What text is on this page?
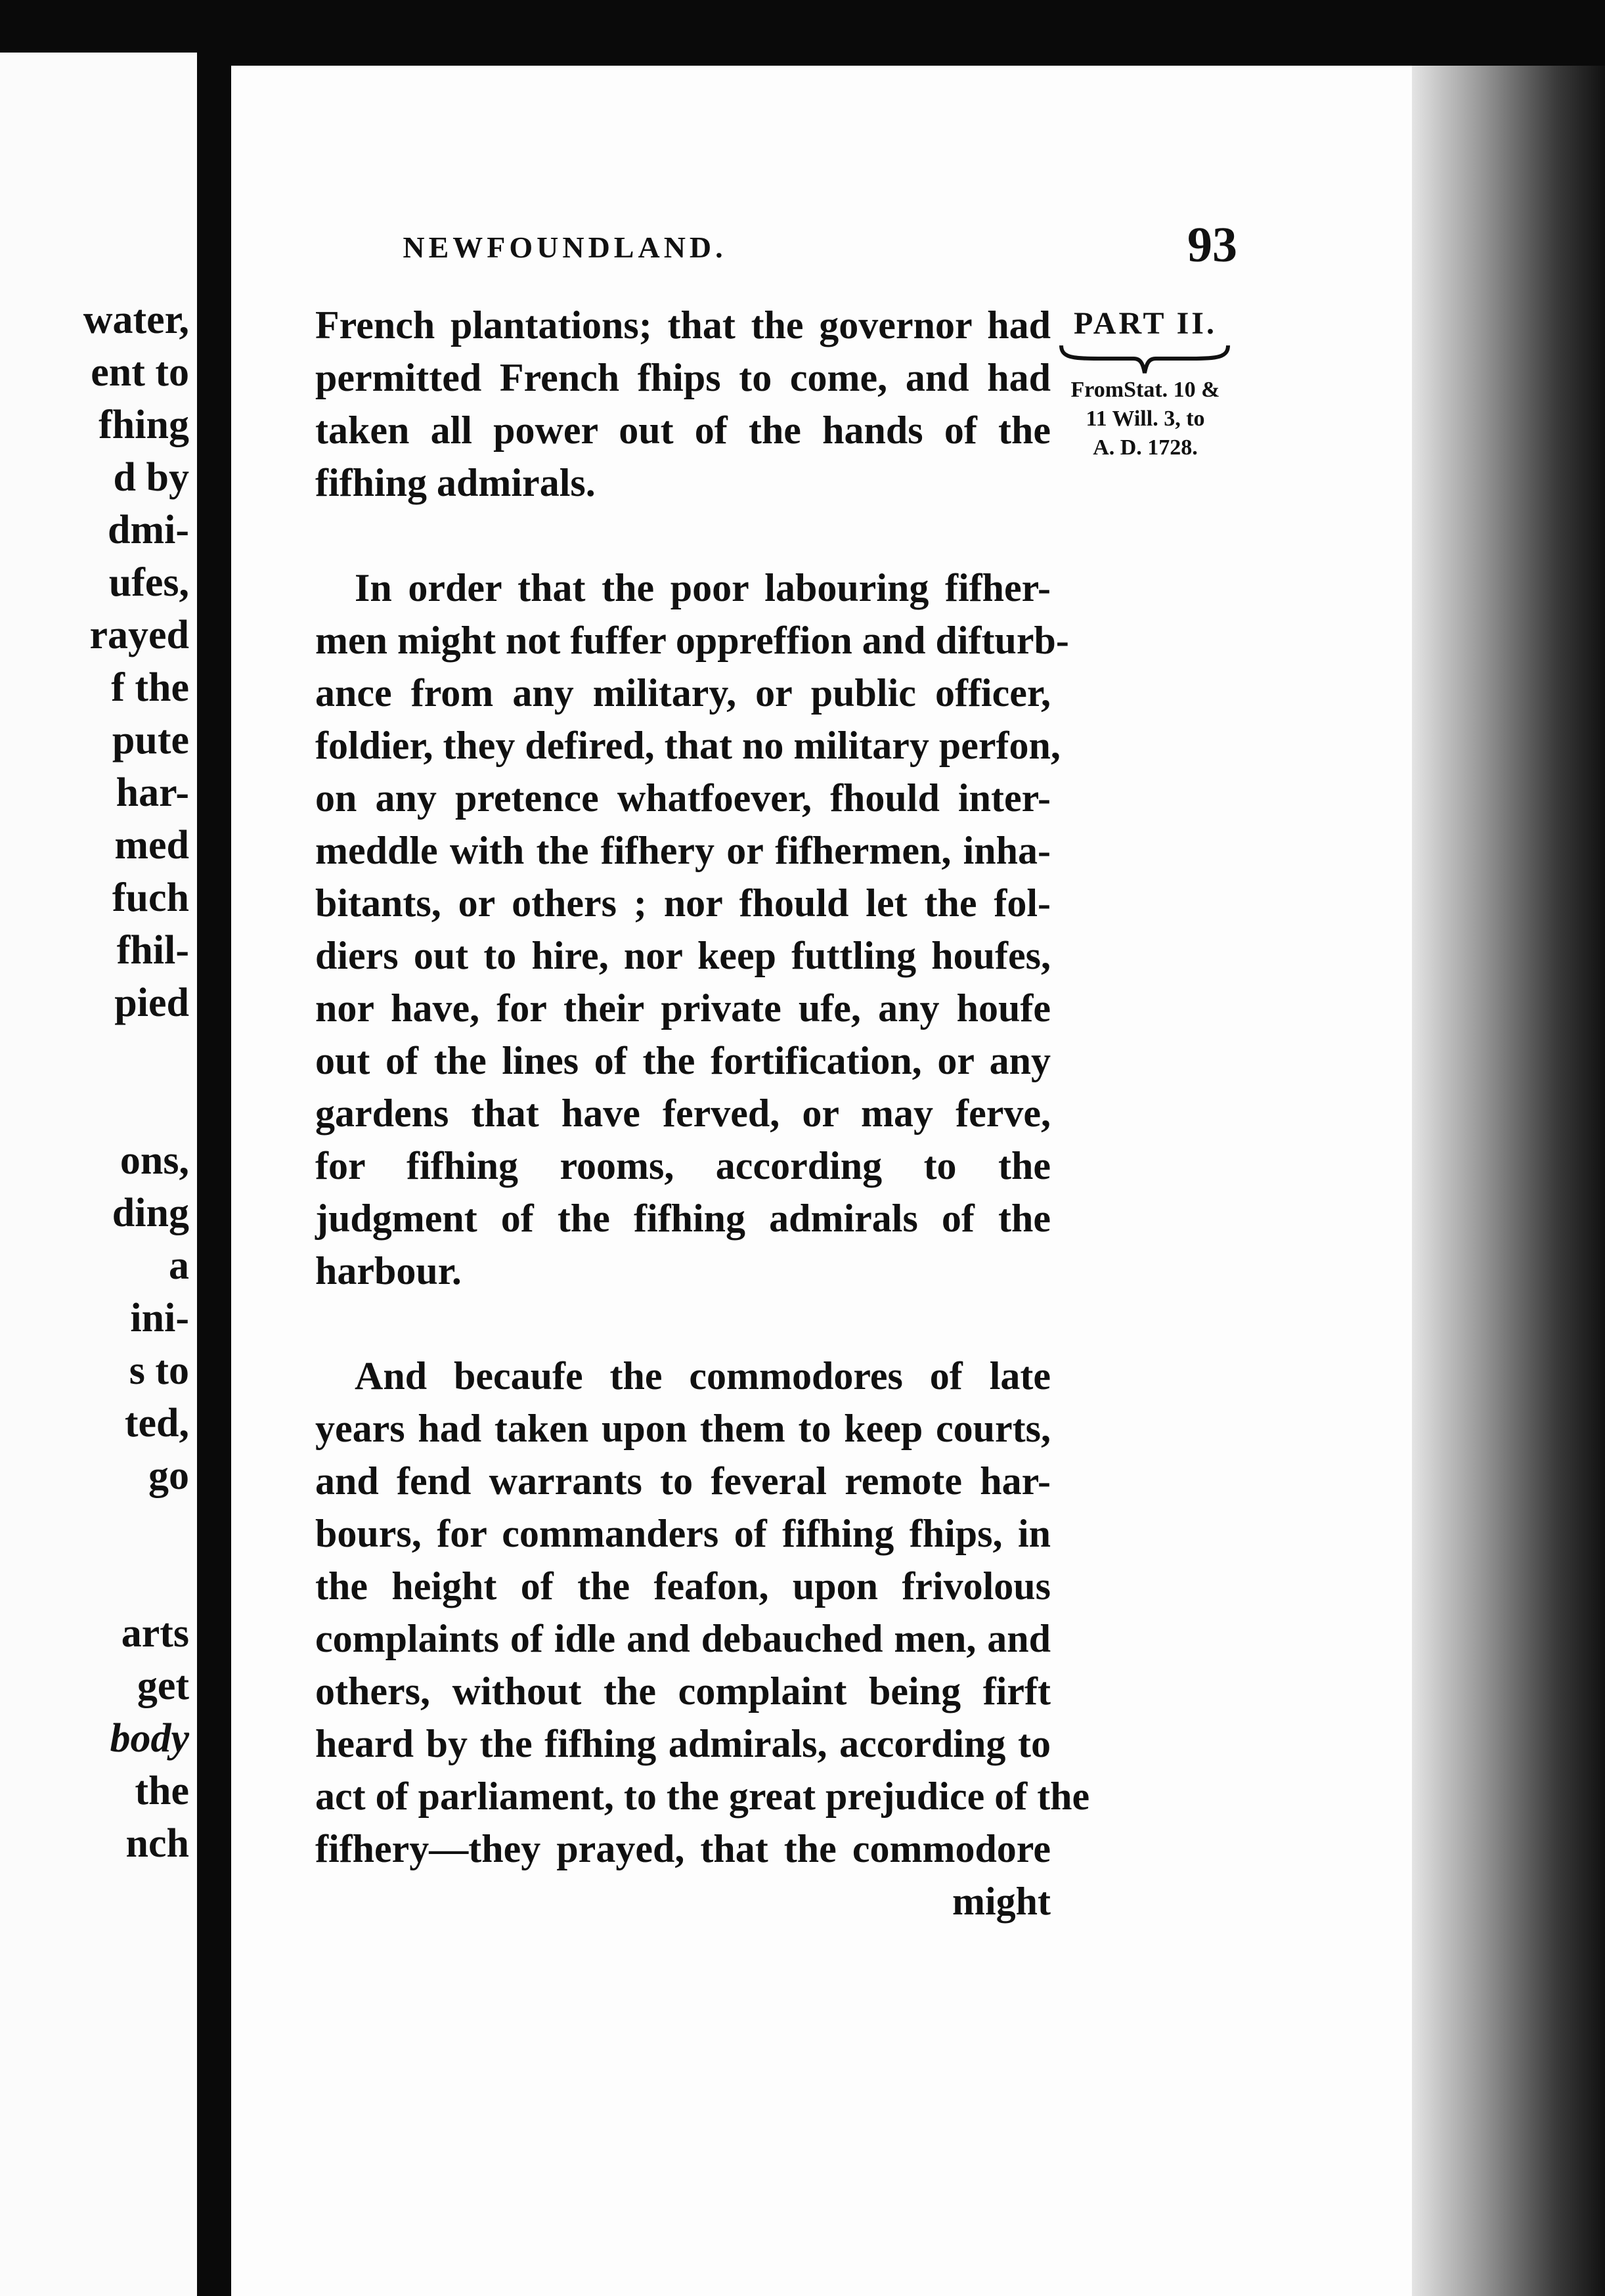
water,

ent to

fhing

d by

dmi-

ufes,

rayed

f the

pute

har-

med

fuch

fhil-

pied

ons,

ding

a

ini-

s to

ted,

go

arts

get

body

the

nch

NEWFOUNDLAND.	93

PART II.
FromStat. 10 &
11 Will. 3, to
A. D. 1728.

French plantations; that the governor had
permitted French fhips to come, and had
taken all power out of the hands of the
fifhing admirals.

In order that the poor labouring fifher-
men might not fuffer oppreffion and difturb-
ance from any military, or public officer,
foldier, they defired, that no military perfon,
on any pretence whatfoever, fhould inter-
meddle with the fifhery or fifhermen, inha-
bitants, or others ; nor fhould let the fol-
diers out to hire, nor keep futtling houfes,
nor have, for their private ufe, any houfe
out of the lines of the fortification, or any
gardens that have ferved, or may ferve,
for fifhing rooms, according to the
judgment of the fifhing admirals of the
harbour.

And becaufe the commodores of late
years had taken upon them to keep courts,
and fend warrants to feveral remote har-
bours, for commanders of fifhing fhips, in
the height of the feafon, upon frivolous
complaints of idle and debauched men, and
others, without the complaint being firft
heard by the fifhing admirals, according to
act of parliament, to the great prejudice of the
fifhery—they prayed, that the commodore

might
